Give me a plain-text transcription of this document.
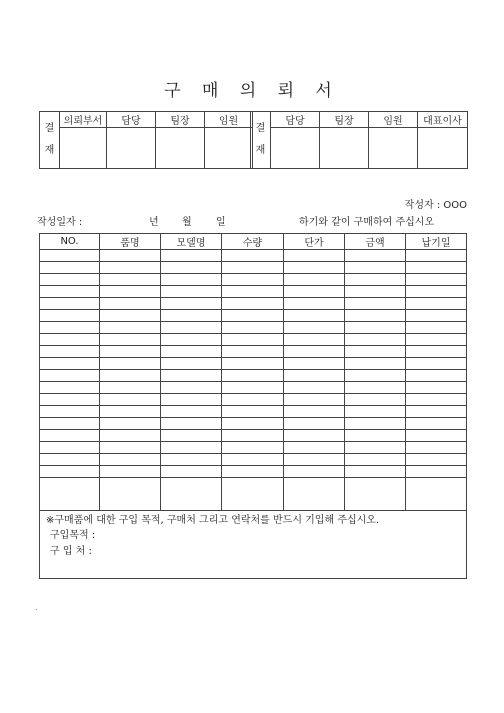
구 매 의 뢰 서
결
재	의뢰부서	담당	팀장	임원

결
재	담당	팀장	임원	대표이사

작성자 : OOO
작성일자 :	년 월 일	하기와 같이 구매하여 주십시오
NO.	품명	모델명	수량	단가	금액	납기일

※구매품에 대한 구입 목적, 구매처 그리고 연락처를 반드시 기입해 주십시오.
구입목적 :
구 입 처 :						
.
